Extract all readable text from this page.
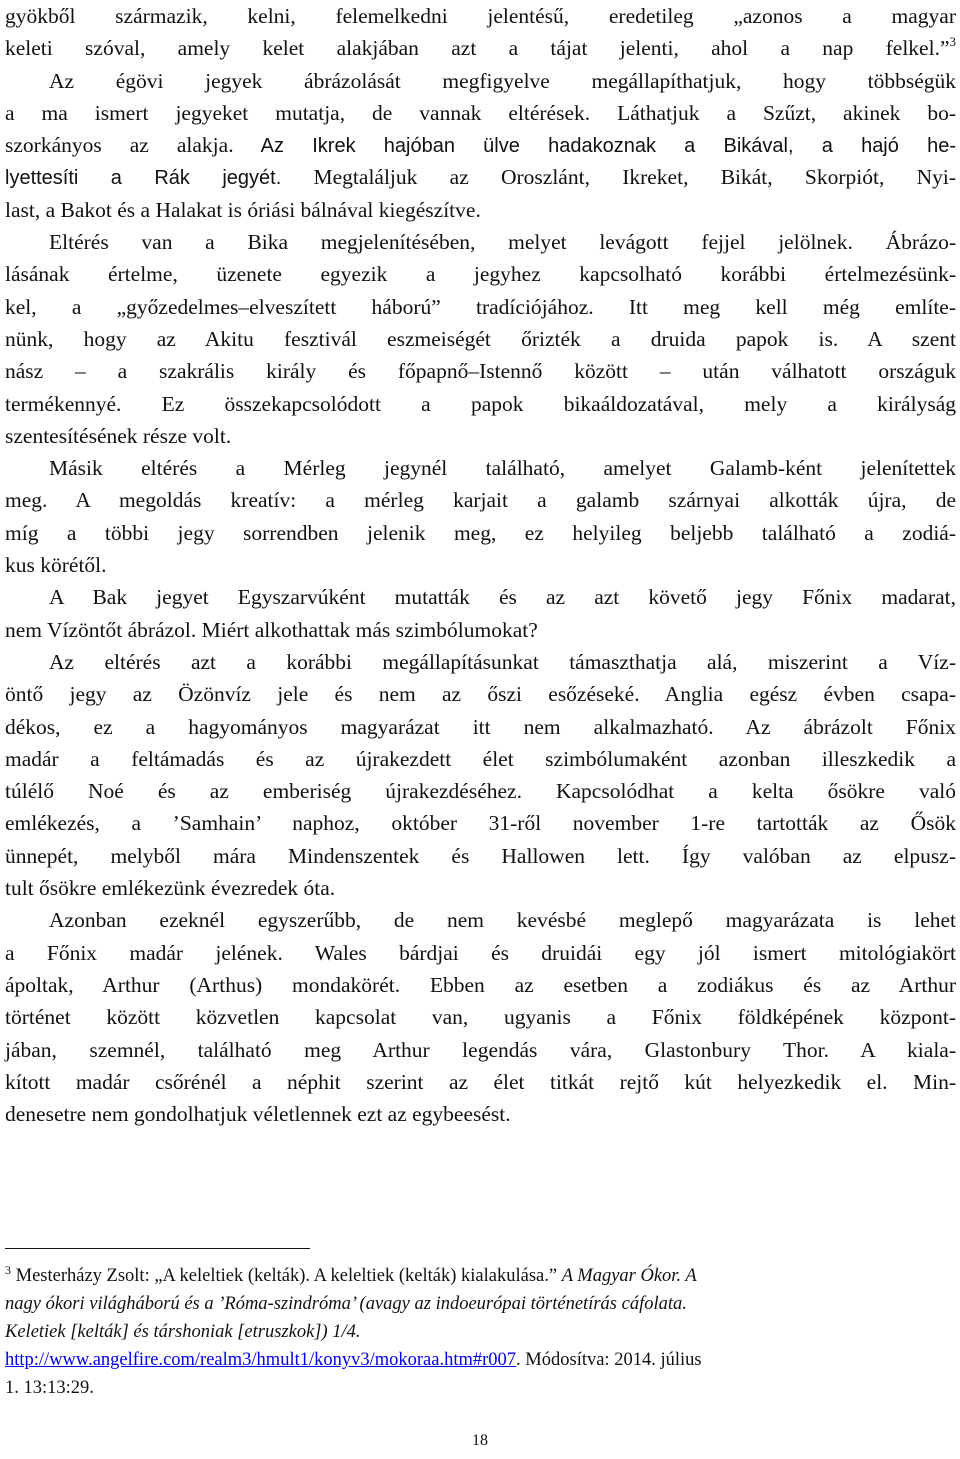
gyökből származik, kelni, felemelkedni jelentésű, eredetileg „azonos a magyar
keleti szóval, amely kelet alakjában azt a tájat jelenti, ahol a nap felkel.”$^3$
Az égövi jegyek ábrázolását megfigyelve megállapíthatjuk, hogy többségük
a ma ismert jegyeket mutatja, de vannak eltérések. Láthatjuk a Szűzt, akinek bo-
szorkányos az alakja. Az Ikrek hajóban ülve hadakoznak a Bikával, a hajó he-
lyettesíti a Rák jegyét. Megtaláljuk az Oroszlánt, Ikreket, Bikát, Skorpiót, Nyi-
last, a Bakot és a Halakat is óriási bálnával kiegészítve.
Eltérés van a Bika megjelenítésében, melyet levágott fejjel jelölnek. Ábrázo-
lásának értelme, üzenete egyezik a jegyhez kapcsolható korábbi értelmezésünk-
kel, a „győzedelmes–elveszített háború” tradíciójához. Itt meg kell még említe-
nünk, hogy az Akitu fesztivál eszmeiségét őrizték a druida papok is. A szent
nász – a szakrális király és főpapnő–Istennő között – után válhatott országuk
termékennyé. Ez összekapcsolódott a papok bikaáldozatával, mely a királyság
szentesítésének része volt.
Másik eltérés a Mérleg jegynél található, amelyet Galamb-ként jelenítettek
meg. A megoldás kreatív: a mérleg karjait a galamb szárnyai alkották újra, de
míg a többi jegy sorrendben jelenik meg, ez helyileg beljebb található a zodiá-
kus körétől.
A Bak jegyet Egyszarvúként mutatták és az azt követő jegy Főnix madarat,
nem Vízöntőt ábrázol. Miért alkothattak más szimbólumokat?
Az eltérés azt a korábbi megállapításunkat támaszthatja alá, miszerint a Víz-
öntő jegy az Özönvíz jele és nem az őszi esőzéseké. Anglia egész évben csapa-
dékos, ez a hagyományos magyarázat itt nem alkalmazható. Az ábrázolt Főnix
madár a feltámadás és az újrakezdett élet szimbólumaként azonban illeszkedik a
túlélő Noé és az emberiség újrakezdéséhez. Kapcsolódhat a kelta ősökre való
emlékezés, a ’Samhain’ naphoz, október 31-ről november 1-re tartották az Ősök
ünnepét, melyből mára Mindenszentek és Hallowen lett. Így valóban az elpusz-
tult ősökre emlékezünk évezredek óta.
Azonban ezeknél egyszerűbb, de nem kevésbé meglepő magyarázata is lehet
a Főnix madár jelének. Wales bárdjai és druidái egy jól ismert mitológiakört
ápoltak, Arthur (Arthus) mondakörét. Ebben az esetben a zodiákus és az Arthur
történet között közvetlen kapcsolat van, ugyanis a Főnix földképének központ-
jában, szemnél, található meg Arthur legendás vára, Glastonbury Thor. A kiala-
kított madár csőrénél a néphit szerint az élet titkát rejtő kút helyezkedik el. Min-
denesetre nem gondolhatjuk véletlennek ezt az egybeesést.
$^3$ Mesterházy Zsolt: „A keleltiek (kelták). A keleltiek (kelták) kialakulása.” A Magyar Ókor. A
nagy ókori világháború és a ’Róma-szindróma’ (avagy az indoeurópai történetírás cáfolata.
Keletiek [kelták] és társhoniak [etruszkok]) 1/4.
http://www.angelfire.com/realm3/hmult1/konyv3/mokoraa.htm#r007. Módosítva: 2014. július
1. 13:13:29.
18
